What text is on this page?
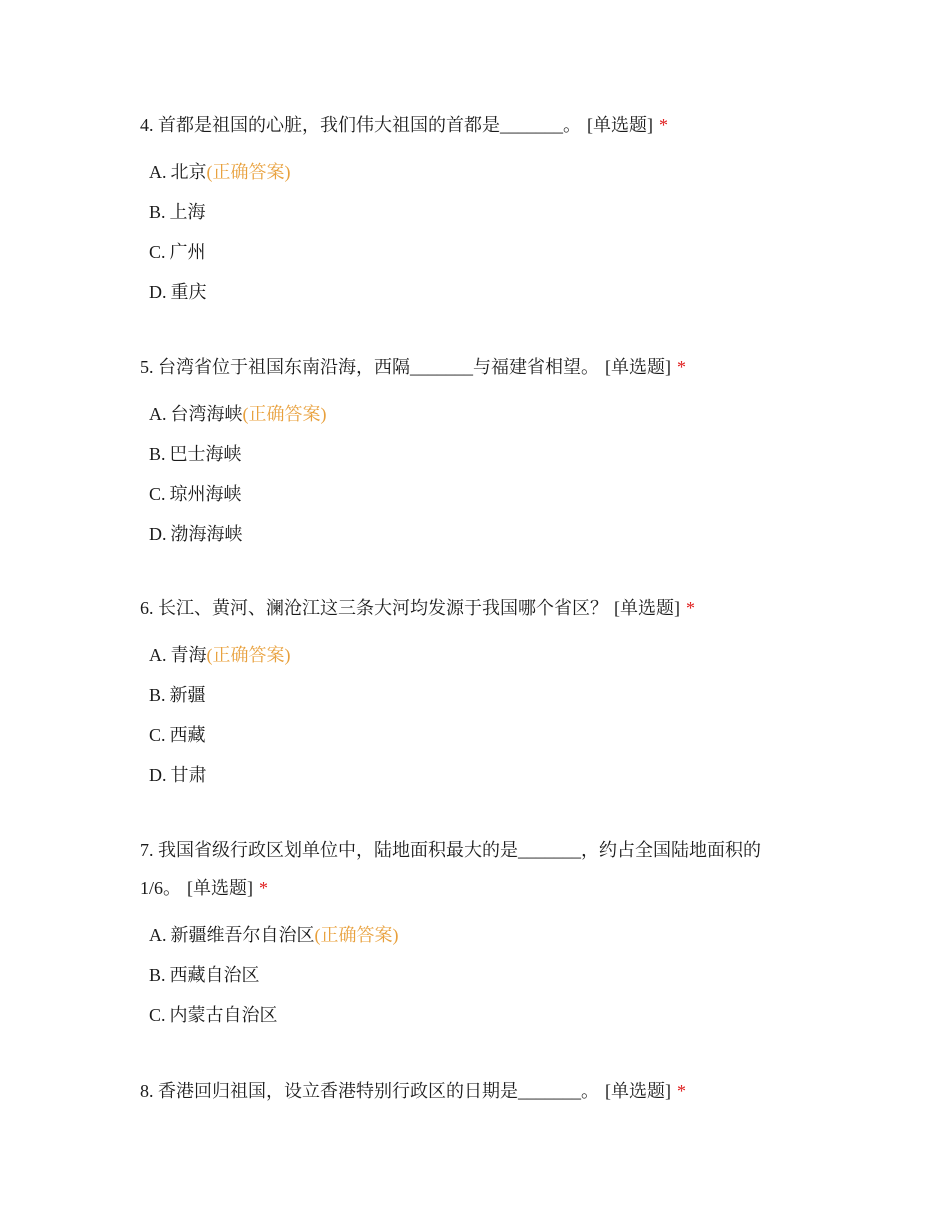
4. 首都是祖国的心脏，我们伟大祖国的首都是_______。 [单选题] *

A. 北京(正确答案)
B. 上海
C. 广州
D. 重庆

5. 台湾省位于祖国东南沿海，西隔_______与福建省相望。 [单选题] *

A. 台湾海峡(正确答案)
B. 巴士海峡
C. 琼州海峡
D. 渤海海峡

6. 长江、黄河、澜沧江这三条大河均发源于我国哪个省区？ [单选题] *

A. 青海(正确答案)
B. 新疆
C. 西藏
D. 甘肃

7. 我国省级行政区划单位中，陆地面积最大的是_______，约占全国陆地面积的1/6。 [单选题] *

A. 新疆维吾尔自治区(正确答案)
B. 西藏自治区
C. 内蒙古自治区

8. 香港回归祖国，设立香港特别行政区的日期是_______。 [单选题] *
